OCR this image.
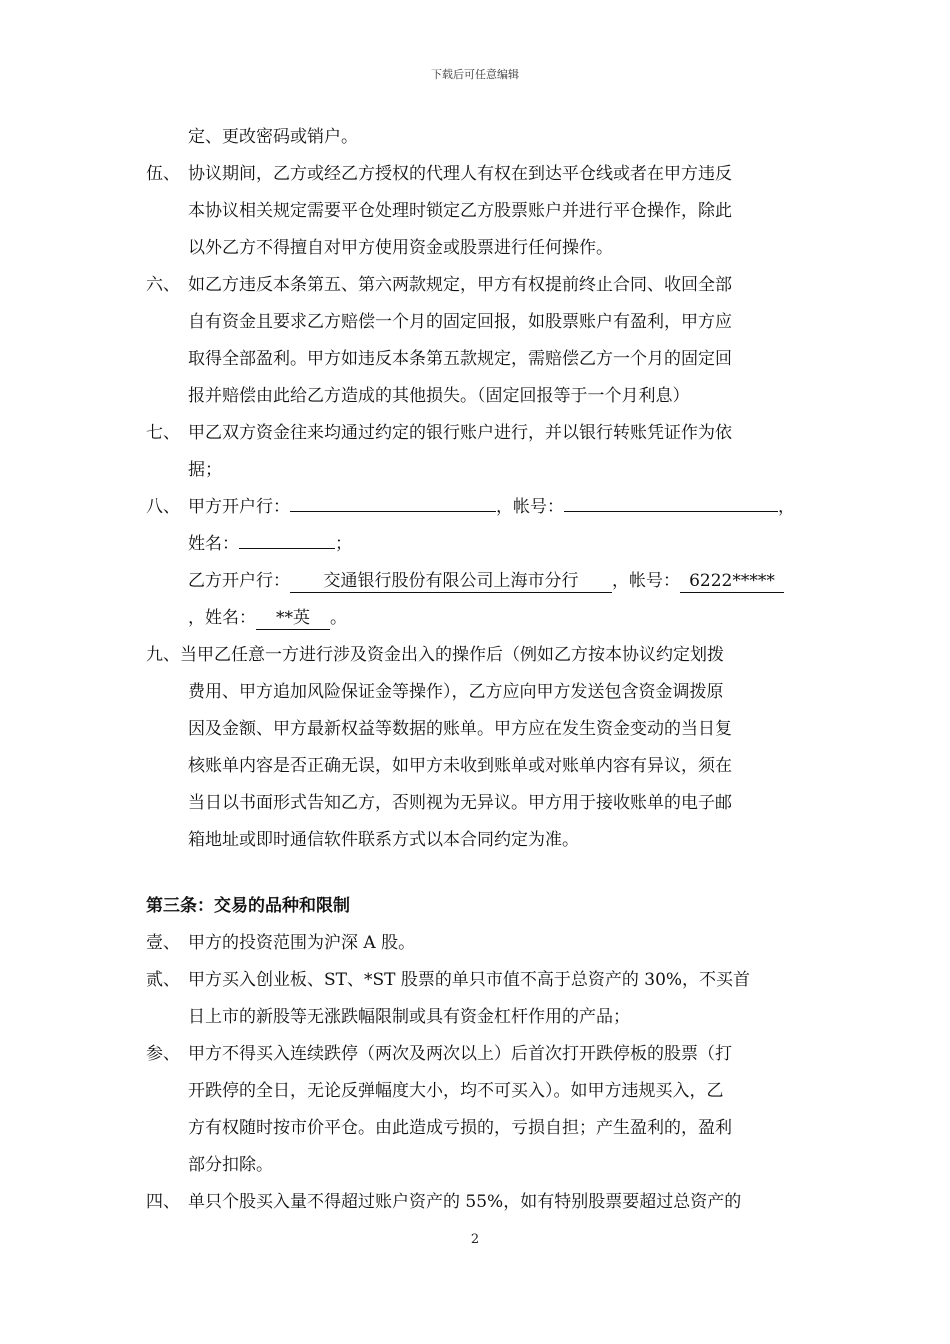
下载后可任意编辑
定、更改密码或销户。
伍、 协议期间，乙方或经乙方授权的代理人有权在到达平仓线或者在甲方违反
本协议相关规定需要平仓处理时锁定乙方股票账户并进行平仓操作，除此
以外乙方不得擅自对甲方使用资金或股票进行任何操作。
六、 如乙方违反本条第五、第六两款规定，甲方有权提前终止合同、收回全部
自有资金且要求乙方赔偿一个月的固定回报，如股票账户有盈利，甲方应
取得全部盈利。甲方如违反本条第五款规定，需赔偿乙方一个月的固定回
报并赔偿由此给乙方造成的其他损失。（固定回报等于一个月利息）
七、 甲乙双方资金往来均通过约定的银行账户进行，并以银行转账凭证作为依
据；
八、 甲方开户行：	，帐号：	，
姓名：	；
乙方开户行： 交通银行股份有限公司上海市分行 ，帐号： 6222*****
，姓名： **英 。
九、当甲乙任意一方进行涉及资金出入的操作后（例如乙方按本协议约定划拨
费用、甲方追加风险保证金等操作），乙方应向甲方发送包含资金调拨原
因及金额、甲方最新权益等数据的账单。甲方应在发生资金变动的当日复
核账单内容是否正确无误，如甲方未收到账单或对账单内容有异议，须在
当日以书面形式告知乙方，否则视为无异议。甲方用于接收账单的电子邮
箱地址或即时通信软件联系方式以本合同约定为准。
第三条：交易的品种和限制
壹、 甲方的投资范围为沪深 A 股。
贰、 甲方买入创业板、ST、*ST 股票的单只市值不高于总资产的 30%，不买首
日上市的新股等无涨跌幅限制或具有资金杠杆作用的产品；
参、 甲方不得买入连续跌停（两次及两次以上）后首次打开跌停板的股票（打
开跌停的全日，无论反弹幅度大小，均不可买入）。如甲方违规买入，乙
方有权随时按市价平仓。由此造成亏损的，亏损自担；产生盈利的，盈利
部分扣除。
四、 单只个股买入量不得超过账户资产的 55%，如有特别股票要超过总资产的
2
